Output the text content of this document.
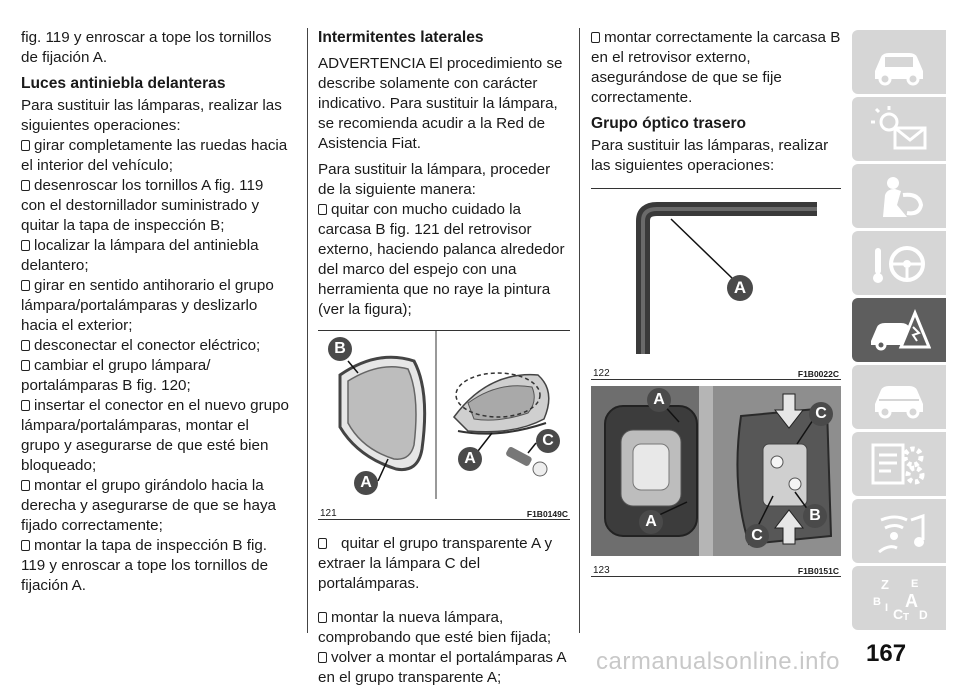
fig. 119 y enroscar a tope los tornillos de fijación A.

Luces antiniebla delanteras

Para sustituir las lámparas, realizar las siguientes operaciones:

girar completamente las ruedas hacia el interior del vehículo;

desenroscar los tornillos A fig. 119 con el destornillador suministrado y quitar la tapa de inspección B;

localizar la lámpara del antiniebla delantero;

girar en sentido antihorario el grupo lámpara/portalámparas y deslizarlo hacia el exterior;

desconectar el conector eléctrico;

cambiar el grupo lámpara/ portalámparas B fig. 120;

insertar el conector en el nuevo grupo lámpara/portalámparas, montar el grupo y asegurarse de que esté bien bloqueado;

montar el grupo girándolo hacia la derecha y asegurarse de que se haya fijado correctamente;

montar la tapa de inspección B fig. 119 y enroscar a tope los tornillos de fijación A.

Intermitentes laterales

ADVERTENCIA El procedimiento se describe solamente con carácter indicativo. Para sustituir la lámpara, se recomienda acudir a la Red de Asistencia Fiat.

Para sustituir la lámpara, proceder de la siguiente manera:

quitar con mucho cuidado la carcasa B fig. 121 del retrovisor externo, haciendo palanca alrededor del marco del espejo con una herramienta que no raye la pintura (ver la figura);

B
A
A
C
121	F1B0149C

quitar el grupo transparente A y extraer la lámpara C del portalámparas.

montar la nueva lámpara, comprobando que esté bien fijada;

volver a montar el portalámparas A en el grupo transparente A;

montar correctamente la carcasa B en el retrovisor externo, asegurándose de que se fije correctamente.

Grupo óptico trasero

Para sustituir las lámparas, realizar las siguientes operaciones:

A
122	F1B0022C
A
C
A
C
B
123	F1B0151C
Z E
B A
I C T D
167
carmanualsonline.info
